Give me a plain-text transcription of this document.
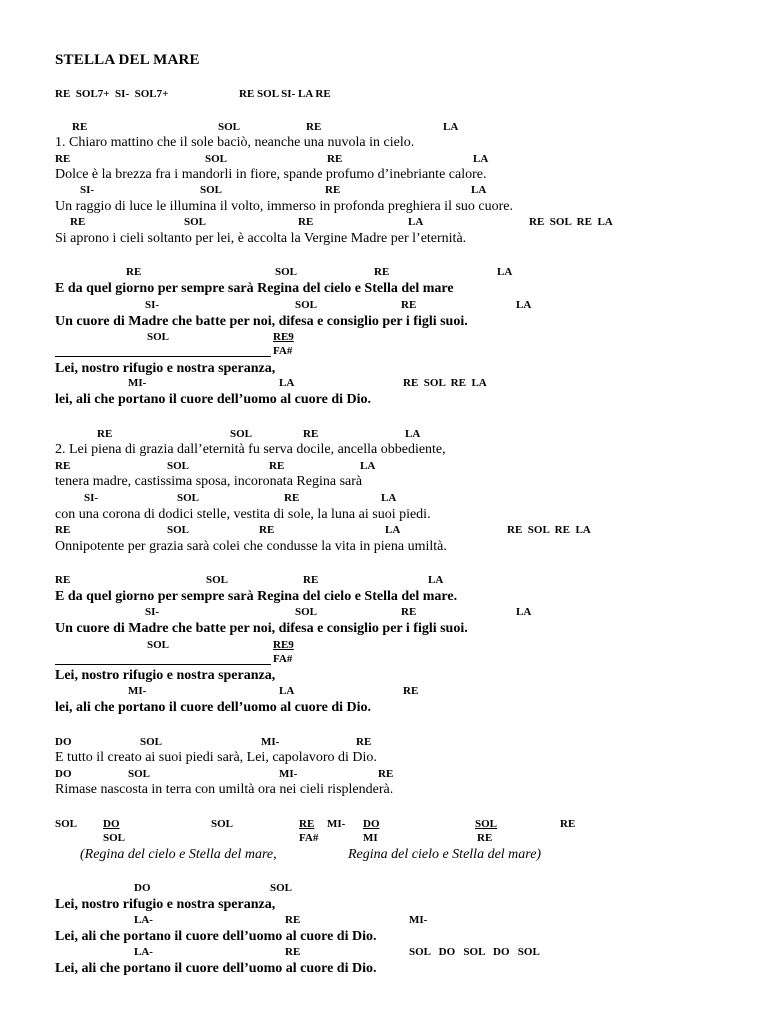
STELLA DEL MARE
RE  SOL7+  SI-  SOL7+	RE SOL SI- LA RE
RE	SOL	RE	LA
1. Chiaro mattino che il sole baciò, neanche una nuvola in cielo.
RE	SOL	RE	LA
Dolce è la brezza fra i mandorli in fiore, spande profumo d’inebriante calore.
SI-	SOL	RE	LA
Un raggio di luce le illumina il volto, immerso in profonda preghiera il suo cuore.
RE	SOL	RE	LA	RE  SOL  RE  LA
Si aprono i cieli soltanto per lei, è accolta la Vergine Madre per l’eternità.
RE	SOL	RE	LA
E da quel giorno per sempre sarà Regina del cielo e Stella del mare
SI-	SOL	RE	LA
Un cuore di Madre che batte per noi, difesa e consiglio per i figli suoi.
SOL	RE9
FA#
Lei, nostro rifugio e nostra speranza,
MI-	LA	RE  SOL  RE  LA
lei, ali che portano il cuore dell’uomo al cuore di Dio.
RE	SOL	RE	LA
2. Lei piena di grazia dall’eternità fu serva docile, ancella obbediente,
RE	SOL	RE	LA
tenera madre, castissima sposa, incoronata Regina sarà
SI-	SOL	RE	LA
con una corona di dodici stelle, vestita di sole, la luna ai suoi piedi.
RE	SOL	RE	LA	RE  SOL  RE  LA
Onnipotente per grazia sarà colei che condusse la vita in piena umiltà.
RE	SOL	RE	LA
E da quel giorno per sempre sarà Regina del cielo e Stella del mare.
SI-	SOL	RE	LA
Un cuore di Madre che batte per noi, difesa e consiglio per i figli suoi.
SOL	RE9
FA#
Lei, nostro rifugio e nostra speranza,
MI-	LA	RE
lei, ali che portano il cuore dell’uomo al cuore di Dio.
DO	SOL	MI-	RE
E tutto il creato ai suoi piedi sarà, Lei, capolavoro di Dio.
DO	SOL	MI-	RE
Rimase nascosta in terra con umiltà ora nei cieli risplenderà.
SOL DO
SOL
SOL	RE
FA#
MI- DO
MI
SOL
RE
RE
(Regina del cielo e Stella del mare,	Regina del cielo e Stella del mare)
DO	SOL
Lei, nostro rifugio e nostra speranza,
LA-	RE	MI-
Lei, ali che portano il cuore dell’uomo al cuore di Dio.
LA-	RE	SOL   DO   SOL   DO   SOL
Lei, ali che portano il cuore dell’uomo al cuore di Dio.
